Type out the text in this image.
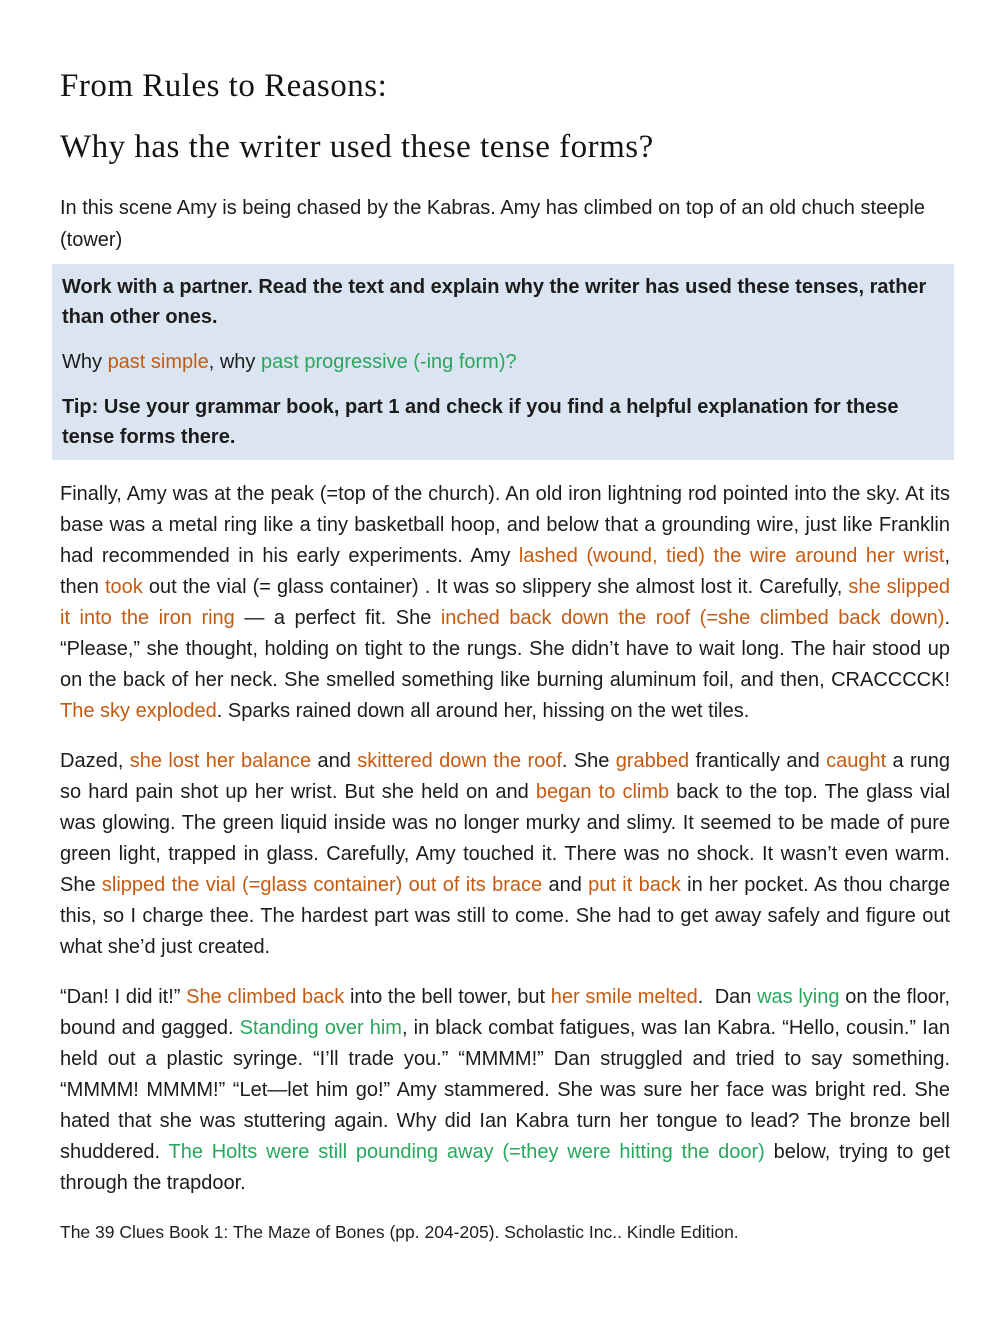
From Rules to Reasons:
Why has the writer used these tense forms?

In this scene Amy is being chased by the Kabras. Amy has climbed on top of an old chuch steeple (tower)

Work with a partner. Read the text and explain why the writer has used these tenses, rather than other ones.

Why past simple, why past progressive (-ing form)?

Tip: Use your grammar book, part 1 and check if you find a helpful explanation for these tense forms there.

Finally, Amy was at the peak (=top of the church). An old iron lightning rod pointed into the sky. At its base was a metal ring like a tiny basketball hoop, and below that a grounding wire, just like Franklin had recommended in his early experiments. Amy lashed (wound, tied) the wire around her wrist, then took out the vial (= glass container) . It was so slippery she almost lost it. Carefully, she slipped it into the iron ring — a perfect fit. She inched back down the roof (=she climbed back down). “Please,” she thought, holding on tight to the rungs. She didn’t have to wait long. The hair stood up on the back of her neck. She smelled something like burning aluminum foil, and then, CRACCCCK! The sky exploded. Sparks rained down all around her, hissing on the wet tiles.

Dazed, she lost her balance and skittered down the roof. She grabbed frantically and caught a rung so hard pain shot up her wrist. But she held on and began to climb back to the top. The glass vial was glowing. The green liquid inside was no longer murky and slimy. It seemed to be made of pure green light, trapped in glass. Carefully, Amy touched it. There was no shock. It wasn’t even warm. She slipped the vial (=glass container) out of its brace and put it back in her pocket. As thou charge this, so I charge thee. The hardest part was still to come. She had to get away safely and figure out what she’d just created.

“Dan! I did it!” She climbed back into the bell tower, but her smile melted.  Dan was lying on the floor, bound and gagged. Standing over him, in black combat fatigues, was Ian Kabra. “Hello, cousin.” Ian held out a plastic syringe. “I’ll trade you.” “MMMM!” Dan struggled and tried to say something. “MMMM! MMMM!” “Let—let him go!” Amy stammered. She was sure her face was bright red. She hated that she was stuttering again. Why did Ian Kabra turn her tongue to lead? The bronze bell shuddered. The Holts were still pounding away (=they were hitting the door) below, trying to get through the trapdoor.

The 39 Clues Book 1: The Maze of Bones (pp. 204-205). Scholastic Inc.. Kindle Edition.
